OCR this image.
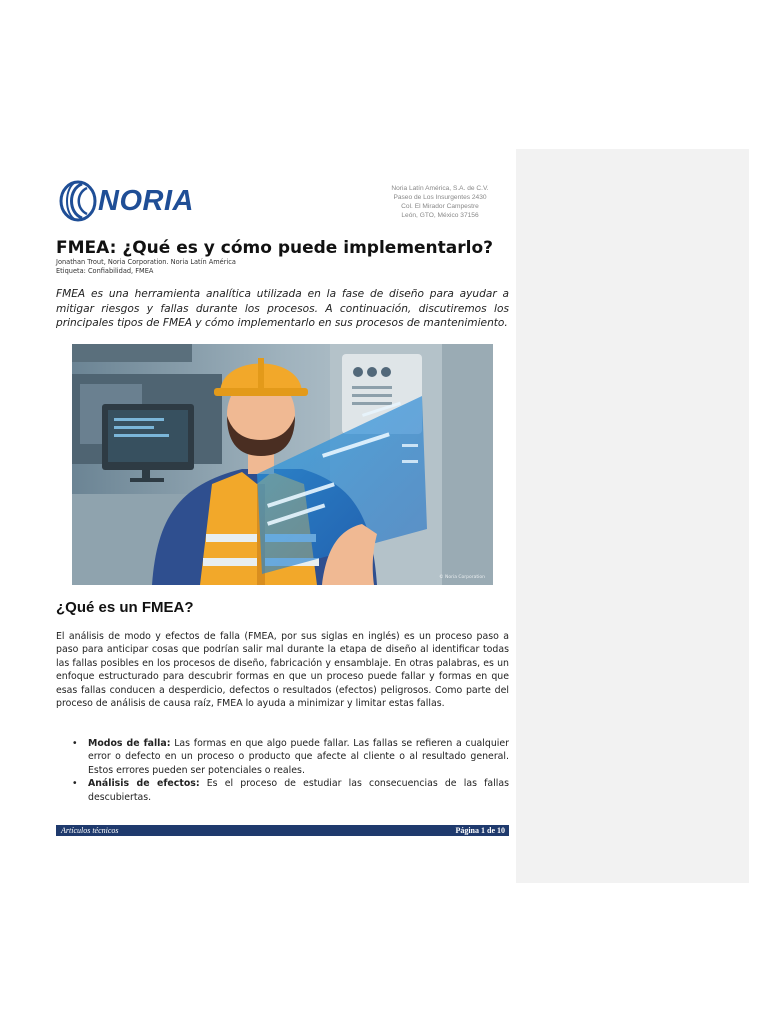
NORIA	Noria Latín América, S.A. de C.V.
Paseo de Los Insurgentes 2430
Col. El Mirador Campestre
León, GTO, México 37156
FMEA: ¿Qué es y cómo puede implementarlo?
Jonathan Trout, Noria Corporation. Noria Latín América
Etiqueta: Confiabilidad, FMEA

FMEA es una herramienta analítica utilizada en la fase de diseño para ayudar a mitigar riesgos y fallas durante los procesos. A continuación, discutiremos los principales tipos de FMEA y cómo implementarlo en sus procesos de mantenimiento.

© Noria Corporation
¿Qué es un FMEA?

El análisis de modo y efectos de falla (FMEA, por sus siglas en inglés) es un proceso paso a paso para anticipar cosas que podrían salir mal durante la etapa de diseño al identificar todas las fallas posibles en los procesos de diseño, fabricación y ensamblaje. En otras palabras, es un enfoque estructurado para descubrir formas en que un proceso puede fallar y formas en que esas fallas conducen a desperdicio, defectos o resultados (efectos) peligrosos. Como parte del proceso de análisis de causa raíz, FMEA lo ayuda a minimizar y limitar estas fallas.

• Modos de falla: Las formas en que algo puede fallar. Las fallas se refieren a cualquier error o defecto en un proceso o producto que afecte al cliente o al resultado general. Estos errores pueden ser potenciales o reales.
• Análisis de efectos: Es el proceso de estudiar las consecuencias de las fallas descubiertas.
Artículos técnicos	Página 1 de 10
